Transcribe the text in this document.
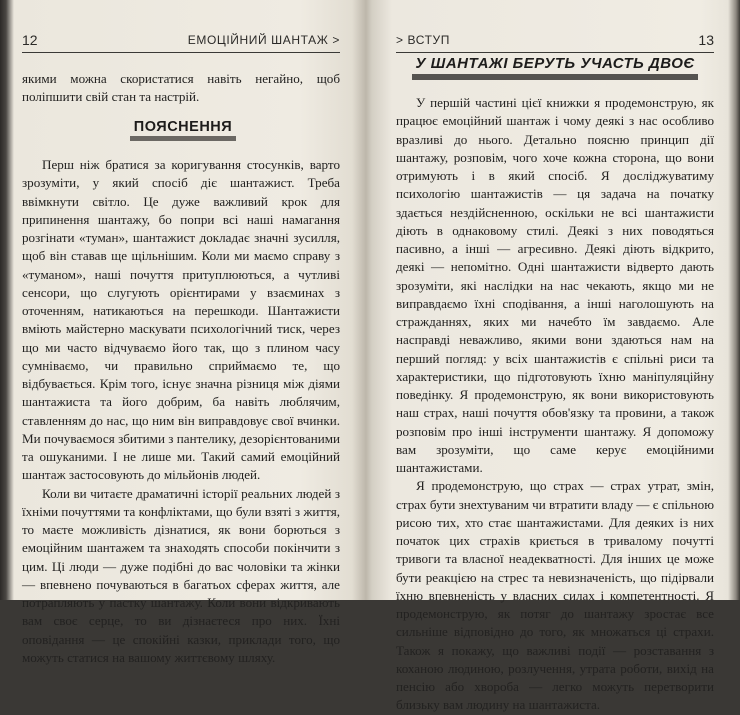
12	ЕМОЦІЙНИЙ ШАНТАЖ >

якими можна скористатися навіть негайно, щоб поліпшити свій стан та настрій.

ПОЯСНЕННЯ

Перш ніж братися за коригування стосунків, варто зрозуміти, у який спосіб діє шантажист. Треба ввімкнути світло. Це дуже важливий крок для припинення шантажу, бо попри всі наші намагання розгінати «туман», шантажист докладає значні зусилля, щоб він ставав ще щільнішим. Коли ми маємо справу з «туманом», наші почуття притуплюються, а чутливі сенсори, що слугують орієнтирами у взаєминах з оточенням, натикаються на перешкоди. Шантажисти вміють майстерно маскувати психологічний тиск, через що ми часто відчуваємо його так, що з плином часу сумніваємо, чи правильно сприймаємо те, що відбувається. Крім того, існує значна різниця між діями шантажиста та його добрим, ба навіть люблячим, ставленням до нас, що ним він виправдовує свої вчинки. Ми почуваємося збитими з пантелику, дезорієнтованими та ошуканими. І не лише ми. Такий самий емоційний шантаж застосовують до мільйонів людей.

Коли ви читаєте драматичні історії реальних людей з їхніми почуттями та конфліктами, що були взяті з життя, то маєте можливість дізнатися, як вони борються з емоційним шантажем та знаходять способи покінчити з цим. Ці люди — дуже подібні до вас чоловіки та жінки — впевнено почуваються в багатьох сферах життя, але потрапляють у пастку шантажу. Коли вони відкривають вам своє серце, то ви дізнаєтеся про них. Їхні оповідання — це спокійні казки, приклади того, що можуть статися на вашому життєвому шляху.

> ВСТУП	13
У ШАНТАЖІ БЕРУТЬ УЧАСТЬ ДВОЄ

У першій частині цієї книжки я продемонструю, як працює емоційний шантаж і чому деякі з нас особливо вразливі до нього. Детально поясню принцип дії шантажу, розповім, чого хоче кожна сторона, що вони отримують і в який спосіб. Я досліджуватиму психологію шантажистів — ця задача на початку здається нездійсненною, оскільки не всі шантажисти діють в однаковому стилі. Деякі з них поводяться пасивно, а інші — агресивно. Деякі діють відкрито, деякі — непомітно. Одні шантажисти відверто дають зрозуміти, які наслідки на нас чекають, якщо ми не виправдаємо їхні сподівання, а інші наголошують на стражданнях, яких ми начебто їм завдаємо. Але насправді неважливо, якими вони здаються нам на перший погляд: у всіх шантажистів є спільні риси та характеристики, що підготовують їхню маніпуляційну поведінку. Я продемонструю, як вони використовують наш страх, наші почуття обов'язку та провини, а також розповім про інші інструменти шантажу. Я допоможу вам зрозуміти, що саме керує емоційними шантажистами.

Я продемонструю, що страх — страх утрат, змін, страх бути знехтуваним чи втратити владу — є спільною рисою тих, хто стає шантажистами. Для деяких із них початок цих страхів криється в тривалому почутті тривоги та власної неадекватності. Для інших це може бути реакцією на стрес та невизначеність, що підірвали їхню впевненість у власних силах і компетентності. Я продемонструю, як потяг до шантажу зростає все сильніше відповідно до того, як множаться ці страхи. Також я покажу, що важливі події — розставання з коханою людиною, розлучення, утрата роботи, вихід на пенсію або хвороба — легко можуть перетворити близьку вам людину на шантажиста.
